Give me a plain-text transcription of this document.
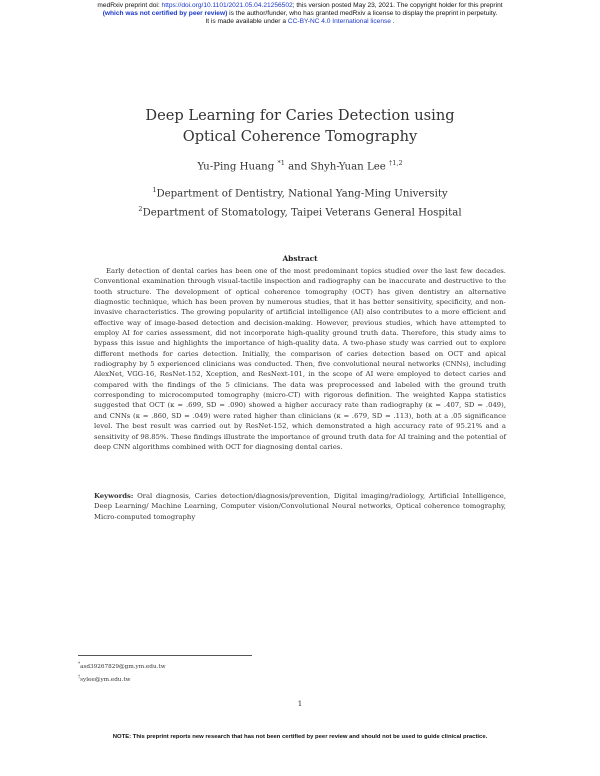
medRxiv preprint doi: https://doi.org/10.1101/2021.05.04.21256502; this version posted May 23, 2021. The copyright holder for this preprint
(which was not certified by peer review) is the author/funder, who has granted medRxiv a license to display the preprint in perpetuity.
It is made available under a CC-BY-NC 4.0 International license .
Deep Learning for Caries Detection using
Optical Coherence Tomography
Yu-Ping Huang $^{*1}$ and Shyh-Yuan Lee $^{\dagger 1,2}$
$^1$Department of Dentistry, National Yang-Ming University
$^2$Department of Stomatology, Taipei Veterans General Hospital
Abstract

Early detection of dental caries has been one of the most predominant topics studied over the last few decades. Conventional examination through visual-tactile inspection and radiography can be inaccurate and destructive to the tooth structure. The development of optical coherence tomography (OCT) has given dentistry an alternative diagnostic technique, which has been proven by numerous studies, that it has better sensitivity, specificity, and non-invasive characteristics. The growing popularity of artificial intelligence (AI) also contributes to a more efficient and effective way of image-based detection and decision-making. However, previous studies, which have attempted to employ AI for caries assessment, did not incorporate high-quality ground truth data. Therefore, this study aims to bypass this issue and highlights the importance of high-quality data. A two-phase study was carried out to explore different methods for caries detection. Initially, the comparison of caries detection based on OCT and apical radiography by 5 experienced clinicians was conducted. Then, five convolutional neural networks (CNNs), including AlexNet, VGG-16, ResNet-152, Xception, and ResNext-101, in the scope of AI were employed to detect caries and compared with the findings of the 5 clinicians. The data was preprocessed and labeled with the ground truth corresponding to microcomputed tomography (micro-CT) with rigorous definition. The weighted Kappa statistics suggested that OCT (κ = .699, SD = .090) showed a higher accuracy rate than radiography (κ = .407, SD = .049), and CNNs (κ = .860, SD = .049) were rated higher than clinicians (κ = .679, SD = .113), both at a .05 significance level. The best result was carried out by ResNet-152, which demonstrated a high accuracy rate of 95.21% and a sensitivity of 98.85%. These findings illustrate the importance of ground truth data for AI training and the potential of deep CNN algorithms combined with OCT for diagnosing dental caries.

Keywords: Oral diagnosis, Caries detection/diagnosis/prevention, Digital imaging/radiology, Artificial Intelligence, Deep Learning/ Machine Learning, Computer vision/Convolutional Neural networks, Optical coherence tomography, Micro-computed tomography

*asd39267829@gm.ym.edu.tw
†sylee@ym.edu.tw
1
NOTE: This preprint reports new research that has not been certified by peer review and should not be used to guide clinical practice.
